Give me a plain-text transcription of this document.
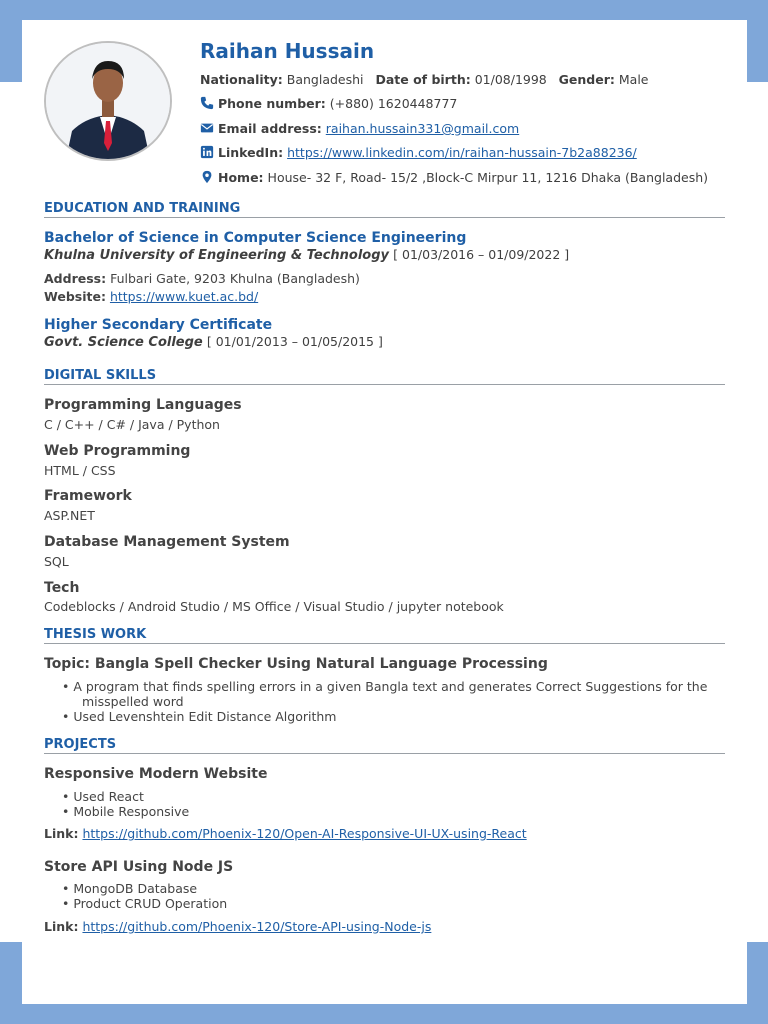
Raihan Hussain
Nationality: Bangladeshi Date of birth: 01/08/1998 Gender: Male
Phone number: (+880) 1620448777
Email address: raihan.hussain331@gmail.com
LinkedIn: https://www.linkedin.com/in/raihan-hussain-7b2a88236/
Home: House- 32 F, Road- 15/2 ,Block-C Mirpur 11, 1216 Dhaka (Bangladesh)
EDUCATION AND TRAINING
Bachelor of Science in Computer Science Engineering
Khulna University of Engineering & Technology [ 01/03/2016 – 01/09/2022 ]
Address: Fulbari Gate, 9203 Khulna (Bangladesh)
Website: https://www.kuet.ac.bd/
Higher Secondary Certificate
Govt. Science College [ 01/01/2013 – 01/05/2015 ]
DIGITAL SKILLS
Programming Languages
C / C++ / C# / Java / Python
Web Programming
HTML / CSS
Framework
ASP.NET
Database Management System
SQL
Tech
Codeblocks / Android Studio / MS Office / Visual Studio / jupyter notebook
THESIS WORK
Topic: Bangla Spell Checker Using Natural Language Processing
• A program that finds spelling errors in a given Bangla text and generates Correct Suggestions for the
misspelled word
• Used Levenshtein Edit Distance Algorithm
PROJECTS
Responsive Modern Website
• Used React
• Mobile Responsive
Link: https://github.com/Phoenix-120/Open-AI-Responsive-UI-UX-using-React
Store API Using Node JS
• MongoDB Database
• Product CRUD Operation
Link: https://github.com/Phoenix-120/Store-API-using-Node-js
